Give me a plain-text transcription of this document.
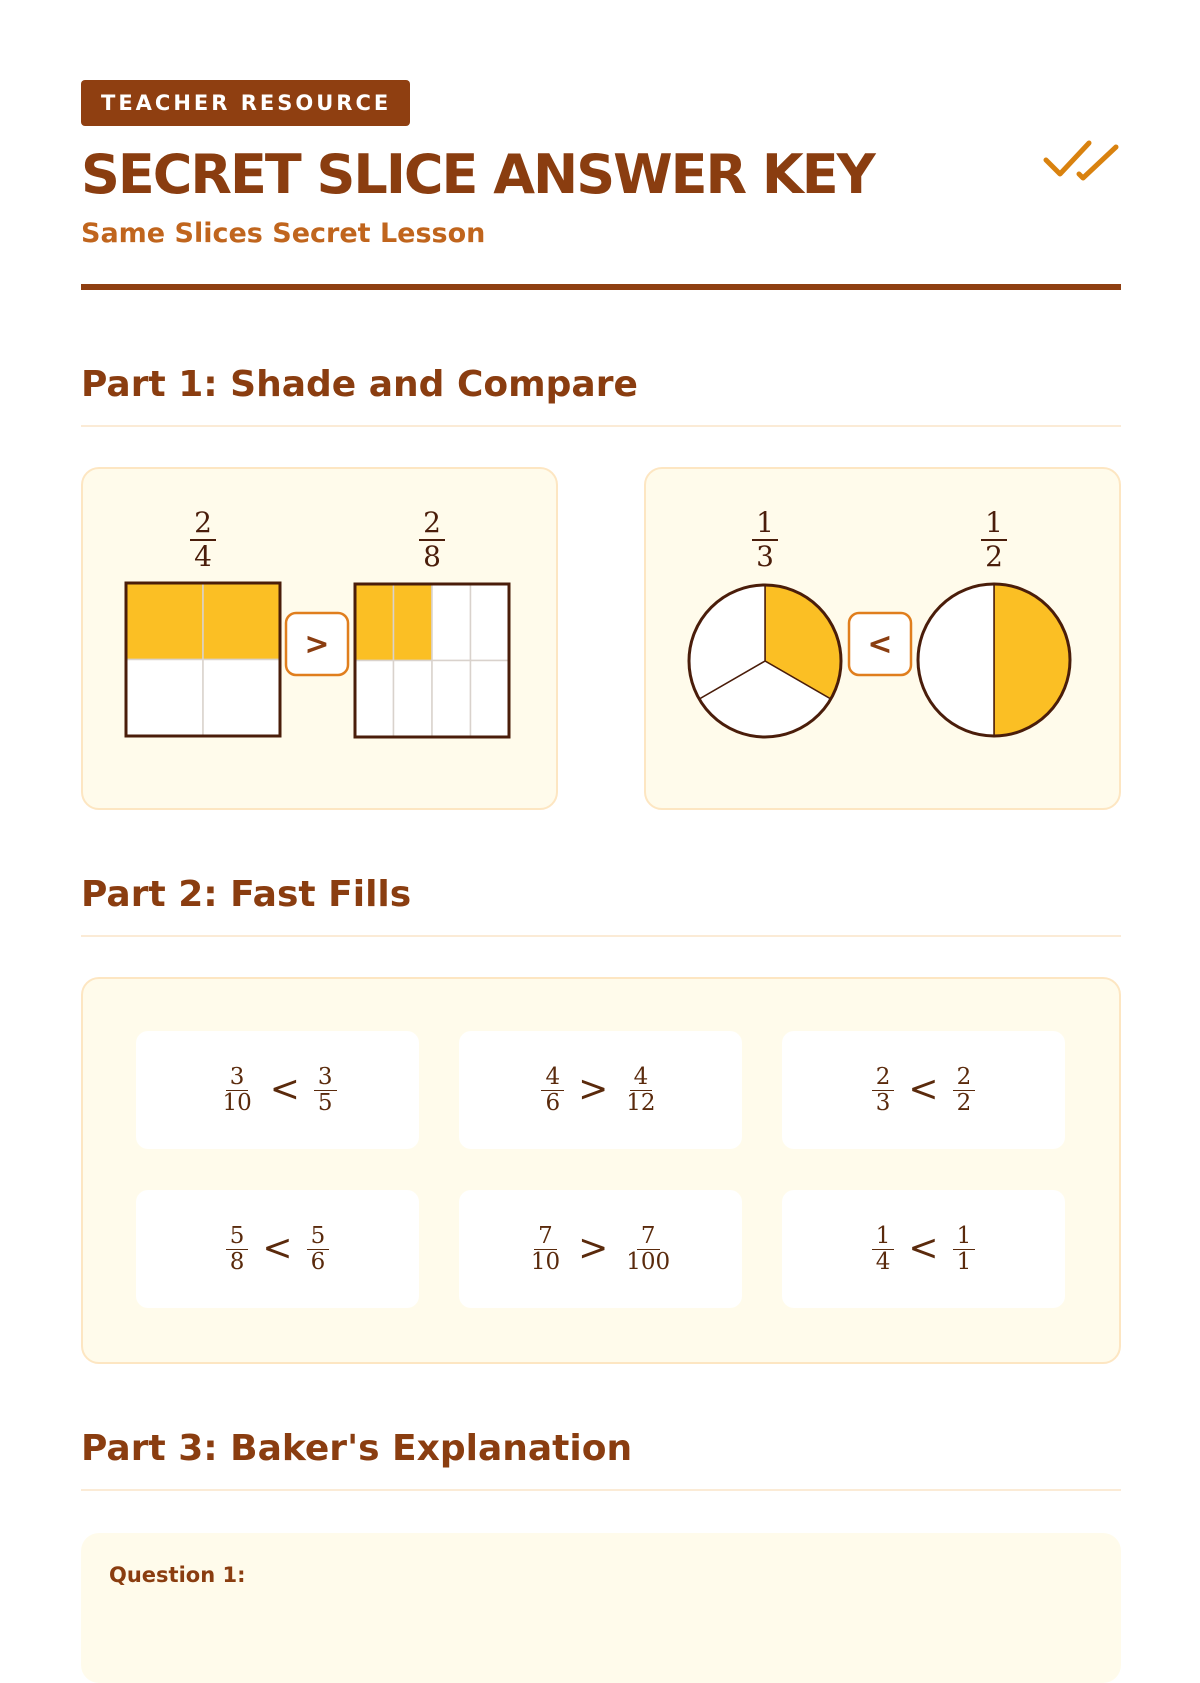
TEACHER RESOURCE
SECRET SLICE ANSWER KEY
Same Slices Secret Lesson
Part 1: Shade and Compare
2
4
2
8
>
1
3
1
2
<
Part 2: Fast Fills
$\frac{3}{10} < \frac{3}{5}$	$\frac{4}{6} > \frac{4}{12}$	$\frac{2}{3} < \frac{2}{2}$
$\frac{5}{8} < \frac{5}{6}$	$\frac{7}{10} > \frac{7}{100}$	$\frac{1}{4} < \frac{1}{1}$
Part 3: Baker's Explanation
Question 1:
